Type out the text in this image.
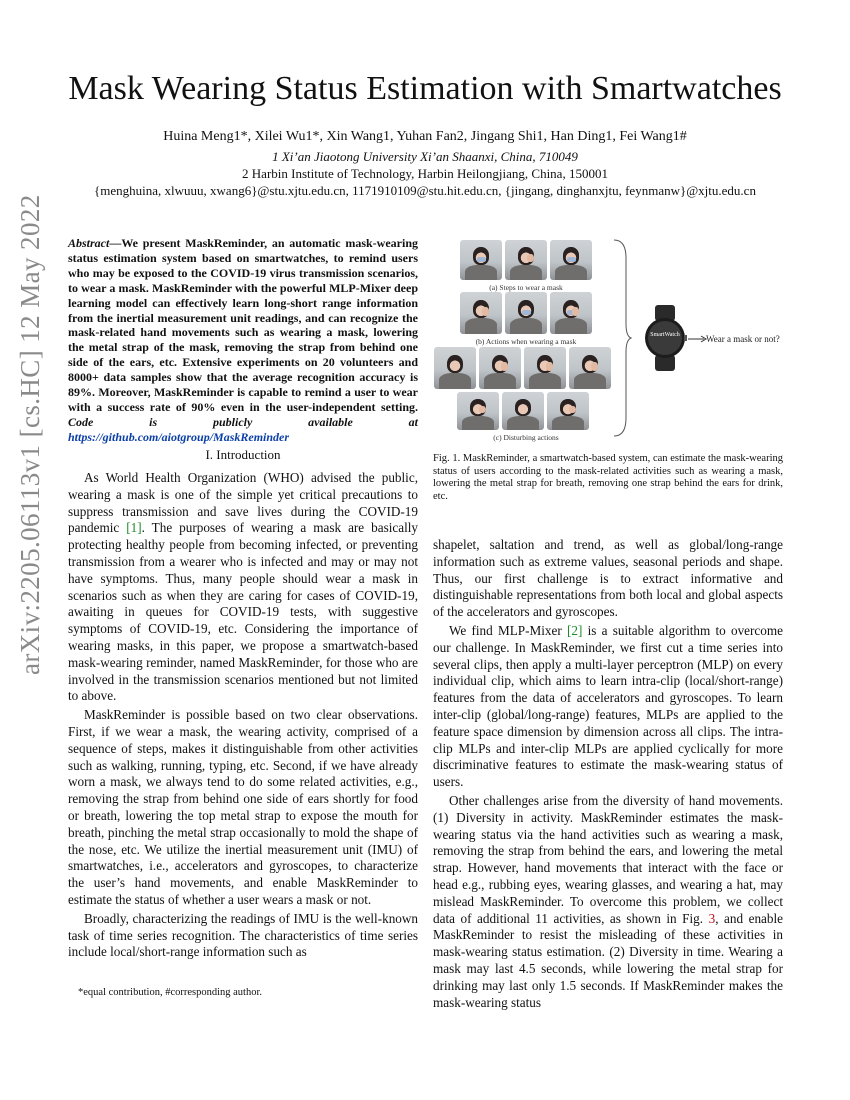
arXiv:2205.06113v1 [cs.HC] 12 May 2022
Mask Wearing Status Estimation with Smartwatches
Huina Meng1*, Xilei Wu1*, Xin Wang1, Yuhan Fan2, Jingang Shi1, Han Ding1, Fei Wang1#
1 Xi’an Jiaotong University Xi’an Shaanxi, China, 710049
2 Harbin Institute of Technology, Harbin Heilongjiang, China, 150001
{menghuina, xlwuuu, xwang6}@stu.xjtu.edu.cn, 1171910109@stu.hit.edu.cn, {jingang, dinghanxjtu, feynmanw}@xjtu.edu.cn
Abstract—We present MaskReminder, an automatic mask-wearing status estimation system based on smartwatches, to remind users who may be exposed to the COVID-19 virus transmission scenarios, to wear a mask. MaskReminder with the powerful MLP-Mixer deep learning model can effectively learn long-short range information from the inertial measurement unit readings, and can recognize the mask-related hand movements such as wearing a mask, lowering the metal strap of the mask, removing the strap from behind one side of the ears, etc. Extensive experiments on 20 volunteers and 8000+ data samples show that the average recognition accuracy is 89%. Moreover, MaskReminder is capable to remind a user to wear with a success rate of 90% even in the user-independent setting. Code is publicly available at https://github.com/aiotgroup/MaskReminder
I. Introduction

As World Health Organization (WHO) advised the public, wearing a mask is one of the simple yet critical precautions to suppress transmission and save lives during the COVID-19 pandemic [1]. The purposes of wearing a mask are basically protecting healthy people from becoming infected, or preventing transmission from a wearer who is infected and may or may not have symptoms. Thus, many people should wear a mask in scenarios such as when they are caring for cases of COVID-19, awaiting in queues for COVID-19 tests, with suggestive symptoms of COVID-19, etc. Considering the importance of wearing masks, in this paper, we propose a smartwatch-based mask-wearing reminder, named MaskReminder, for those who are involved in the transmission scenarios mentioned but not limited to above.

MaskReminder is possible based on two clear observations. First, if we wear a mask, the wearing activity, comprised of a sequence of steps, makes it distinguishable from other activities such as walking, running, typing, etc. Second, if we have already worn a mask, we always tend to do some related activities, e.g., removing the strap from behind one side of ears shortly for food or breath, lowering the top metal strap to expose the mouth for breath, pinching the metal strap occasionally to mold the shape of the nose, etc. We utilize the inertial measurement unit (IMU) of smartwatches, i.e., accelerators and gyroscopes, to characterize the user’s hand movements, and enable MaskReminder to estimate the status of whether a user wears a mask or not.

Broadly, characterizing the readings of IMU is the well-known task of time series recognition. The characteristics of time series include local/short-range information such as

*equal contribution, #corresponding author.
(a) Steps to wear a mask
(b) Actions when wearing a mask
(c) Disturbing actions
SmartWatch	Wear a mask or not?
Fig. 1. MaskReminder, a smartwatch-based system, can estimate the mask-wearing status of users according to the mask-related activities such as wearing a mask, lowering the metal strap for breath, removing one strap behind the ears for drink, etc.

shapelet, saltation and trend, as well as global/long-range information such as extreme values, seasonal periods and shape. Thus, our first challenge is to extract informative and distinguishable representations from both local and global aspects of the accelerators and gyroscopes.

We find MLP-Mixer [2] is a suitable algorithm to overcome our challenge. In MaskReminder, we first cut a time series into several clips, then apply a multi-layer perceptron (MLP) on every individual clip, which aims to learn intra-clip (local/short-range) features from the data of accelerators and gyroscopes. To learn inter-clip (global/long-range) features, MLPs are applied to the feature space dimension by dimension across all clips. The intra-clip MLPs and inter-clip MLPs are applied cyclically for more discriminative features to estimate the mask-wearing status of users.

Other challenges arise from the diversity of hand movements. (1) Diversity in activity. MaskReminder estimates the mask-wearing status via the hand activities such as wearing a mask, removing the strap from behind the ears, and lowering the metal strap. However, hand movements that interact with the face or head e.g., rubbing eyes, wearing glasses, and wearing a hat, may mislead MaskReminder. To overcome this problem, we collect data of additional 11 activities, as shown in Fig. 3, and enable MaskReminder to resist the misleading of these activities in mask-wearing status estimation. (2) Diversity in time. Wearing a mask may last 4.5 seconds, while lowering the metal strap for drinking may last only 1.5 seconds. If MaskReminder makes the mask-wearing status
